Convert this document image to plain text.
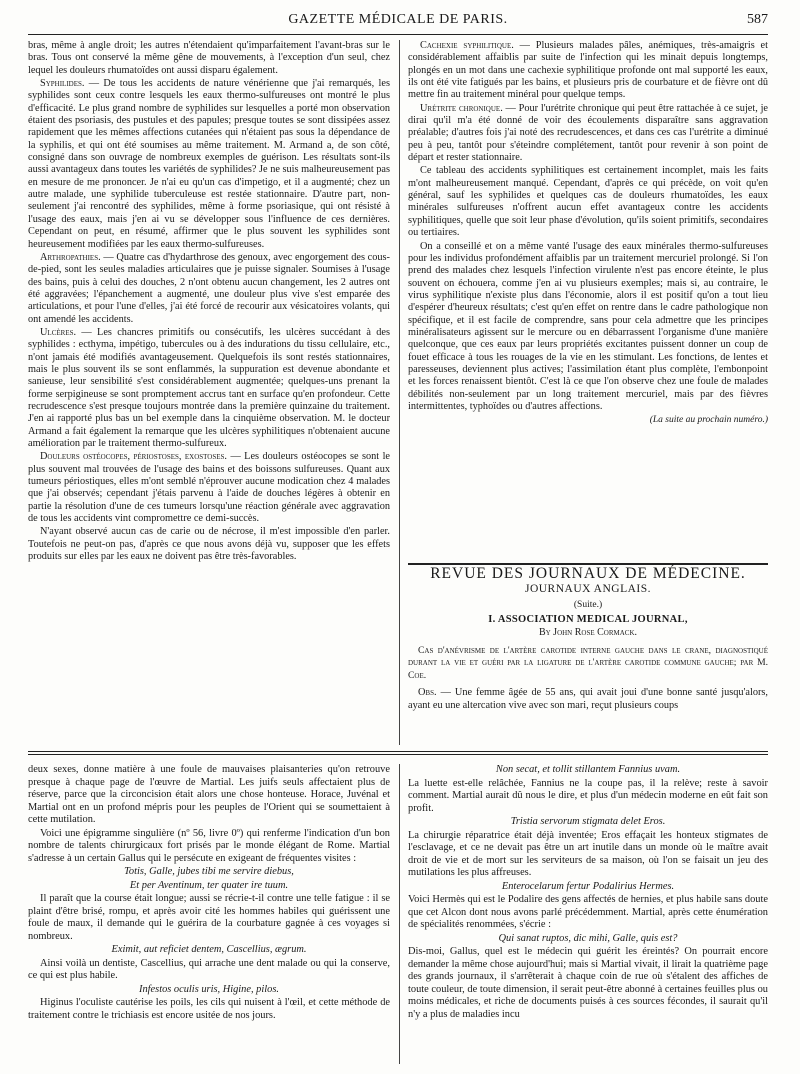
GAZETTE MÉDICALE DE PARIS.	587

bras, même à angle droit; les autres n'étendaient qu'imparfaitement l'avant-bras sur le bras. Tous ont conservé la même gêne de mouvements, à l'exception d'un seul, chez lequel les douleurs rhumatoïdes ont aussi disparu également.

Syphilides. — De tous les accidents de nature vénérienne que j'ai remarqués, les syphilides sont ceux contre lesquels les eaux thermo-sulfureuses ont montré le plus d'efficacité. Le plus grand nombre de syphilides sur lesquelles a porté mon observation étaient des psoriasis, des pustules et des papules; presque toutes se sont dissipées assez rapidement que les mêmes affections cutanées qui n'étaient pas sous la dépendance de la syphilis, et qui ont été soumises au même traitement. M. Armand a, de son côté, consigné dans son ouvrage de nombreux exemples de guérison. Les résultats sont-ils aussi avantageux dans toutes les variétés de syphilides? Je ne suis malheureusement pas en mesure de me prononcer. Je n'ai eu qu'un cas d'impetigo, et il a augmenté; chez un autre malade, une syphilide tuberculeuse est restée stationnaire. D'autre part, non-seulement j'ai rencontré des syphilides, même à forme psoriasique, qui ont résisté à l'usage des eaux, mais j'en ai vu se développer sous l'influence de ces dernières. Cependant on peut, en résumé, affirmer que le plus souvent les syphilides sont heureusement modifiées par les eaux thermo-sulfureuses.

Arthropathies. — Quatre cas d'hydarthrose des genoux, avec engorgement des cous-de-pied, sont les seules maladies articulaires que je puisse signaler. Soumises à l'usage des bains, puis à celui des douches, 2 n'ont obtenu aucun changement, les 2 autres ont été aggravées; l'épanchement a augmenté, une douleur plus vive s'est emparée des articulations, et pour l'une d'elles, j'ai été forcé de recourir aux vésicatoires volants, qui ont amendé les accidents.

Ulcères. — Les chancres primitifs ou consécutifs, les ulcères succédant à des syphilides : ecthyma, impétigo, tubercules ou à des indurations du tissu cellulaire, etc., n'ont jamais été modifiés avantageusement. Quelquefois ils sont restés stationnaires, mais le plus souvent ils se sont enflammés, la suppuration est devenue abondante et sanieuse, leur sensibilité s'est considérablement augmentée; quelques-uns prenant la forme serpigineuse se sont promptement accrus tant en surface qu'en profondeur. Cette recrudescence s'est presque toujours montrée dans la première quinzaine du traitement. J'en ai rapporté plus bas un bel exemple dans la cinquième observation. M. le docteur Armand a fait également la remarque que les ulcères syphilitiques n'obtenaient aucune amélioration par le traitement thermo-sulfureux.

Douleurs ostéocopes, périostoses, exostoses. — Les douleurs ostéocopes se sont le plus souvent mal trouvées de l'usage des bains et des boissons sulfureuses. Quant aux tumeurs périostiques, elles m'ont semblé n'éprouver aucune modication chez 4 malades que j'ai observés; cependant j'étais parvenu à l'aide de douches légères à obtenir en partie la résolution d'une de ces tumeurs lorsqu'une réaction générale avec aggravation de tous les accidents vint compromettre ce demi-succès.

N'ayant observé aucun cas de carie ou de nécrose, il m'est impossible d'en parler. Toutefois ne peut-on pas, d'après ce que nous avons déjà vu, supposer que les effets produits sur elles par les eaux ne doivent pas être très-favorables.

Cachexie syphilitique. — Plusieurs malades pâles, anémiques, très-amaigris et considérablement affaiblis par suite de l'infection qui les minait depuis longtemps, plongés en un mot dans une cachexie syphilitique profonde ont mal supporté les eaux, ils ont été vite fatigués par les bains, et plusieurs pris de courbature et de fièvre ont dû mettre fin au traitement minéral pour quelque temps.

Urétrite chronique. — Pour l'urétrite chronique qui peut être rattachée à ce sujet, je dirai qu'il m'a été donné de voir des écoulements disparaître sans aggravation préalable; d'autres fois j'ai noté des recrudescences, et dans ces cas l'urétrite a diminué peu à peu, tantôt pour s'éteindre complétement, tantôt pour revenir à son point de départ et rester stationnaire.

Ce tableau des accidents syphilitiques est certainement incomplet, mais les faits m'ont malheureusement manqué. Cependant, d'après ce qui précède, on voit qu'en général, sauf les syphilides et quelques cas de douleurs rhumatoïdes, les eaux minérales sulfureuses n'offrent aucun effet avantageux contre les accidents syphilitiques, quelle que soit leur phase d'évolution, qu'ils soient primitifs, secondaires ou tertiaires.

On a conseillé et on a même vanté l'usage des eaux minérales thermo-sulfureuses pour les individus profondément affaiblis par un traitement mercuriel prolongé. Si l'on prend des malades chez lesquels l'infection virulente n'est pas encore éteinte, le plus souvent on échouera, comme j'en ai vu plusieurs exemples; mais si, au contraire, le virus syphilitique n'existe plus dans l'économie, alors il est positif qu'on a tout lieu d'espérer d'heureux résultats; c'est qu'en effet on rentre dans le cadre pathologique non spécifique, et il est facile de comprendre, sans pour cela admettre que les principes minéralisateurs agissent sur le mercure ou en débarrassent l'organisme d'une manière quelconque, que ces eaux par leurs propriétés excitantes puissent donner un coup de fouet efficace à tous les rouages de la vie en les stimulant. Les fonctions, de lentes et paresseuses, deviennent plus actives; l'assimilation étant plus complète, l'embonpoint et les forces renaissent bientôt. C'est là ce que l'on observe chez une foule de malades débilités non-seulement par un long traitement mercuriel, mais par des fièvres intermittentes, typhoïdes ou d'autres affections.

(La suite au prochain numéro.)
REVUE DES JOURNAUX DE MÉDECINE.
JOURNAUX ANGLAIS.
(Suite.)
I. ASSOCIATION MEDICAL JOURNAL,
By John Rose Cormack.
Cas d'anévrisme de l'artère carotide interne gauche dans le crane, diagnostiqué durant la vie et guéri par la ligature de l'artère carotide commune gauche; par M. Coe.
Obs. — Une femme âgée de 55 ans, qui avait joui d'une bonne santé jusqu'alors, ayant eu une altercation vive avec son mari, reçut plusieurs coups

deux sexes, donne matière à une foule de mauvaises plaisanteries qu'on retrouve presque à chaque page de l'œuvre de Martial. Les juifs seuls affectaient plus de réserve, parce que la circoncision était alors une chose honteuse. Horace, Juvénal et Martial ont en un profond mépris pour les peuples de l'Orient qui se soumettaient à cette mutilation.

Voici une épigramme singulière (nº 56, livre 0º) qui renferme l'indication d'un bon nombre de talents chirurgicaux fort prisés par le monde élégant de Rome. Martial s'adresse à un certain Gallus qui le persécute en exigeant de fréquentes visites :

Totis, Galle, jubes tibi me servire diebus,

Et per Aventinum, ter quater ire tuum.

Il paraît que la course était longue; aussi se récrie-t-il contre une telle fatigue : il se plaint d'être brisé, rompu, et après avoir cité les hommes habiles qui guérissent une foule de maux, il demande qui le guérira de la courbature gagnée à ces voyages si nombreux.

Eximit, aut reficiet dentem, Cascellius, ægrum.

Ainsi voilà un dentiste, Cascellius, qui arrache une dent malade ou qui la conserve, ce qui est plus habile.

Infestos oculis uris, Higine, pilos.

Higinus l'oculiste cautérise les poils, les cils qui nuisent à l'œil, et cette méthode de traitement contre le trichiasis est encore usitée de nos jours.

Non secat, et tollit stillantem Fannius uvam.

La luette est-elle relâchée, Fannius ne la coupe pas, il la relève; reste à savoir comment. Martial aurait dû nous le dire, et plus d'un médecin moderne en eût fait son profit.

Tristia servorum stigmata delet Eros.

La chirurgie réparatrice était déjà inventée; Eros effaçait les honteux stigmates de l'esclavage, et ce ne devait pas être un art inutile dans un monde où le maître avait droit de vie et de mort sur les serviteurs de sa maison, où l'on se faisait un jeu des mutilations les plus affreuses.

Enterocelarum fertur Podalirius Hermes.

Voici Hermès qui est le Podalire des gens affectés de hernies, et plus habile sans doute que cet Alcon dont nous avons parlé précédemment. Martial, après cette énumération de spécialités renommées, s'écrie :

Qui sanat ruptos, dic mihi, Galle, quis est?

Dis-moi, Gallus, quel est le médecin qui guérit les éreintés? On pourrait encore demander la même chose aujourd'hui; mais si Martial vivait, il lirait la quatrième page des grands journaux, il s'arrêterait à chaque coin de rue où s'étalent des affiches de toute couleur, de toute dimension, il serait peut-être abonné à certaines feuilles plus ou moins médicales, et riche de documents puisés à ces sources fécondes, il saurait qu'il n'y a plus de maladies incu
